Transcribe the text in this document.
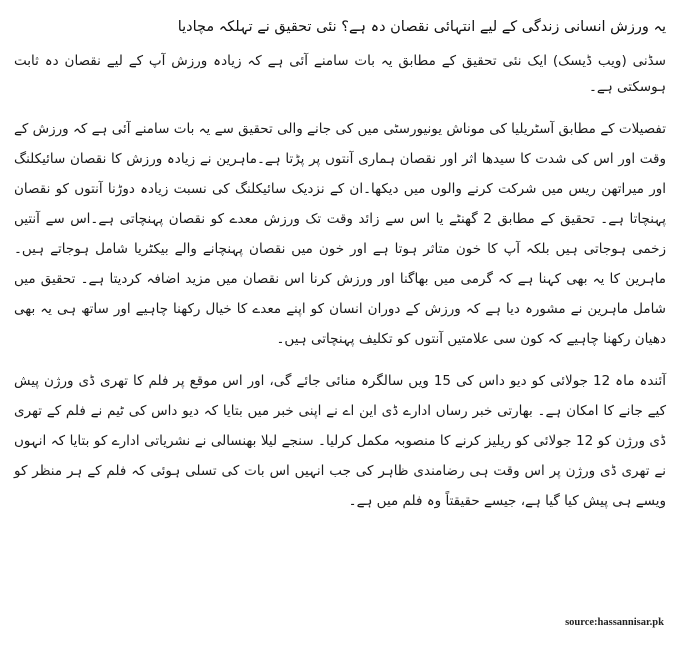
یہ ورزش انسانی زندگی کے لیے انتہائی نقصان دہ ہے؟ نئی تحقیق نے تہلکہ مچادیا

سڈنی (ویب ڈیسک) ایک نئی تحقیق کے مطابق یہ بات سامنے آئی ہے کہ زیادہ ورزش آپ کے لیے نقصان دہ ثابت ہوسکتی ہے۔

تفصیلات کے مطابق آسٹریلیا کی موناش یونیورسٹی میں کی جانے والی تحقیق سے یہ بات سامنے آئی ہے کہ ورزش کے وقت اور اس کی شدت کا سیدھا اثر اور نقصان ہماری آنتوں پر پڑتا ہے۔ماہرین نے زیادہ ورزش کا نقصان سائیکلنگ اور میراتھن ریس میں شرکت کرنے والوں میں دیکھا۔ان کے نزدیک سائیکلنگ کی نسبت زیادہ دوڑنا آنتوں کو نقصان پہنچاتا ہے۔ تحقیق کے مطابق 2 گھنٹے یا اس سے زائد وقت تک ورزش معدے کو نقصان پہنچاتی ہے۔اس سے آنتیں زخمی ہوجاتی ہیں بلکہ آپ کا خون متاثر ہوتا ہے اور خون میں نقصان پہنچانے والے بیکٹریا شامل ہوجاتے ہیں۔ماہرین کا یہ بھی کہنا ہے کہ گرمی میں بھاگنا اور ورزش کرنا اس نقصان میں مزید اضافہ کردیتا ہے۔ تحقیق میں شامل ماہرین نے مشورہ دیا ہے کہ ورزش کے دوران انسان کو اپنے معدے کا خیال رکھنا چاہیے اور ساتھ ہی یہ بھی دھیان رکھنا چاہیے کہ کون سی علامتیں آنتوں کو تکلیف پہنچاتی ہیں۔

آئندہ ماہ 12 جولائی کو دیو داس کی 15 ویں سالگرہ منائی جائے گی، اور اس موقع پر فلم کا تھری ڈی ورژن پیش کیے جانے کا امکان ہے۔ بھارتی خبر رساں ادارے ڈی این اے نے اپنی خبر میں بتایا کہ دیو داس کی ٹیم نے فلم کے تھری ڈی ورژن کو 12 جولائی کو ریلیز کرنے کا منصوبہ مکمل کرلیا۔ سنجے لیلا بھنسالی نے نشریاتی ادارے کو بتایا کہ انہوں نے تھری ڈی ورژن پر اس وقت ہی رضامندی ظاہر کی جب انہیں اس بات کی تسلی ہوئی کہ فلم کے ہر منظر کو ویسے ہی پیش کیا گیا ہے، جیسے حقیقتاً وہ فلم میں ہے۔

source:hassannisar.pk
